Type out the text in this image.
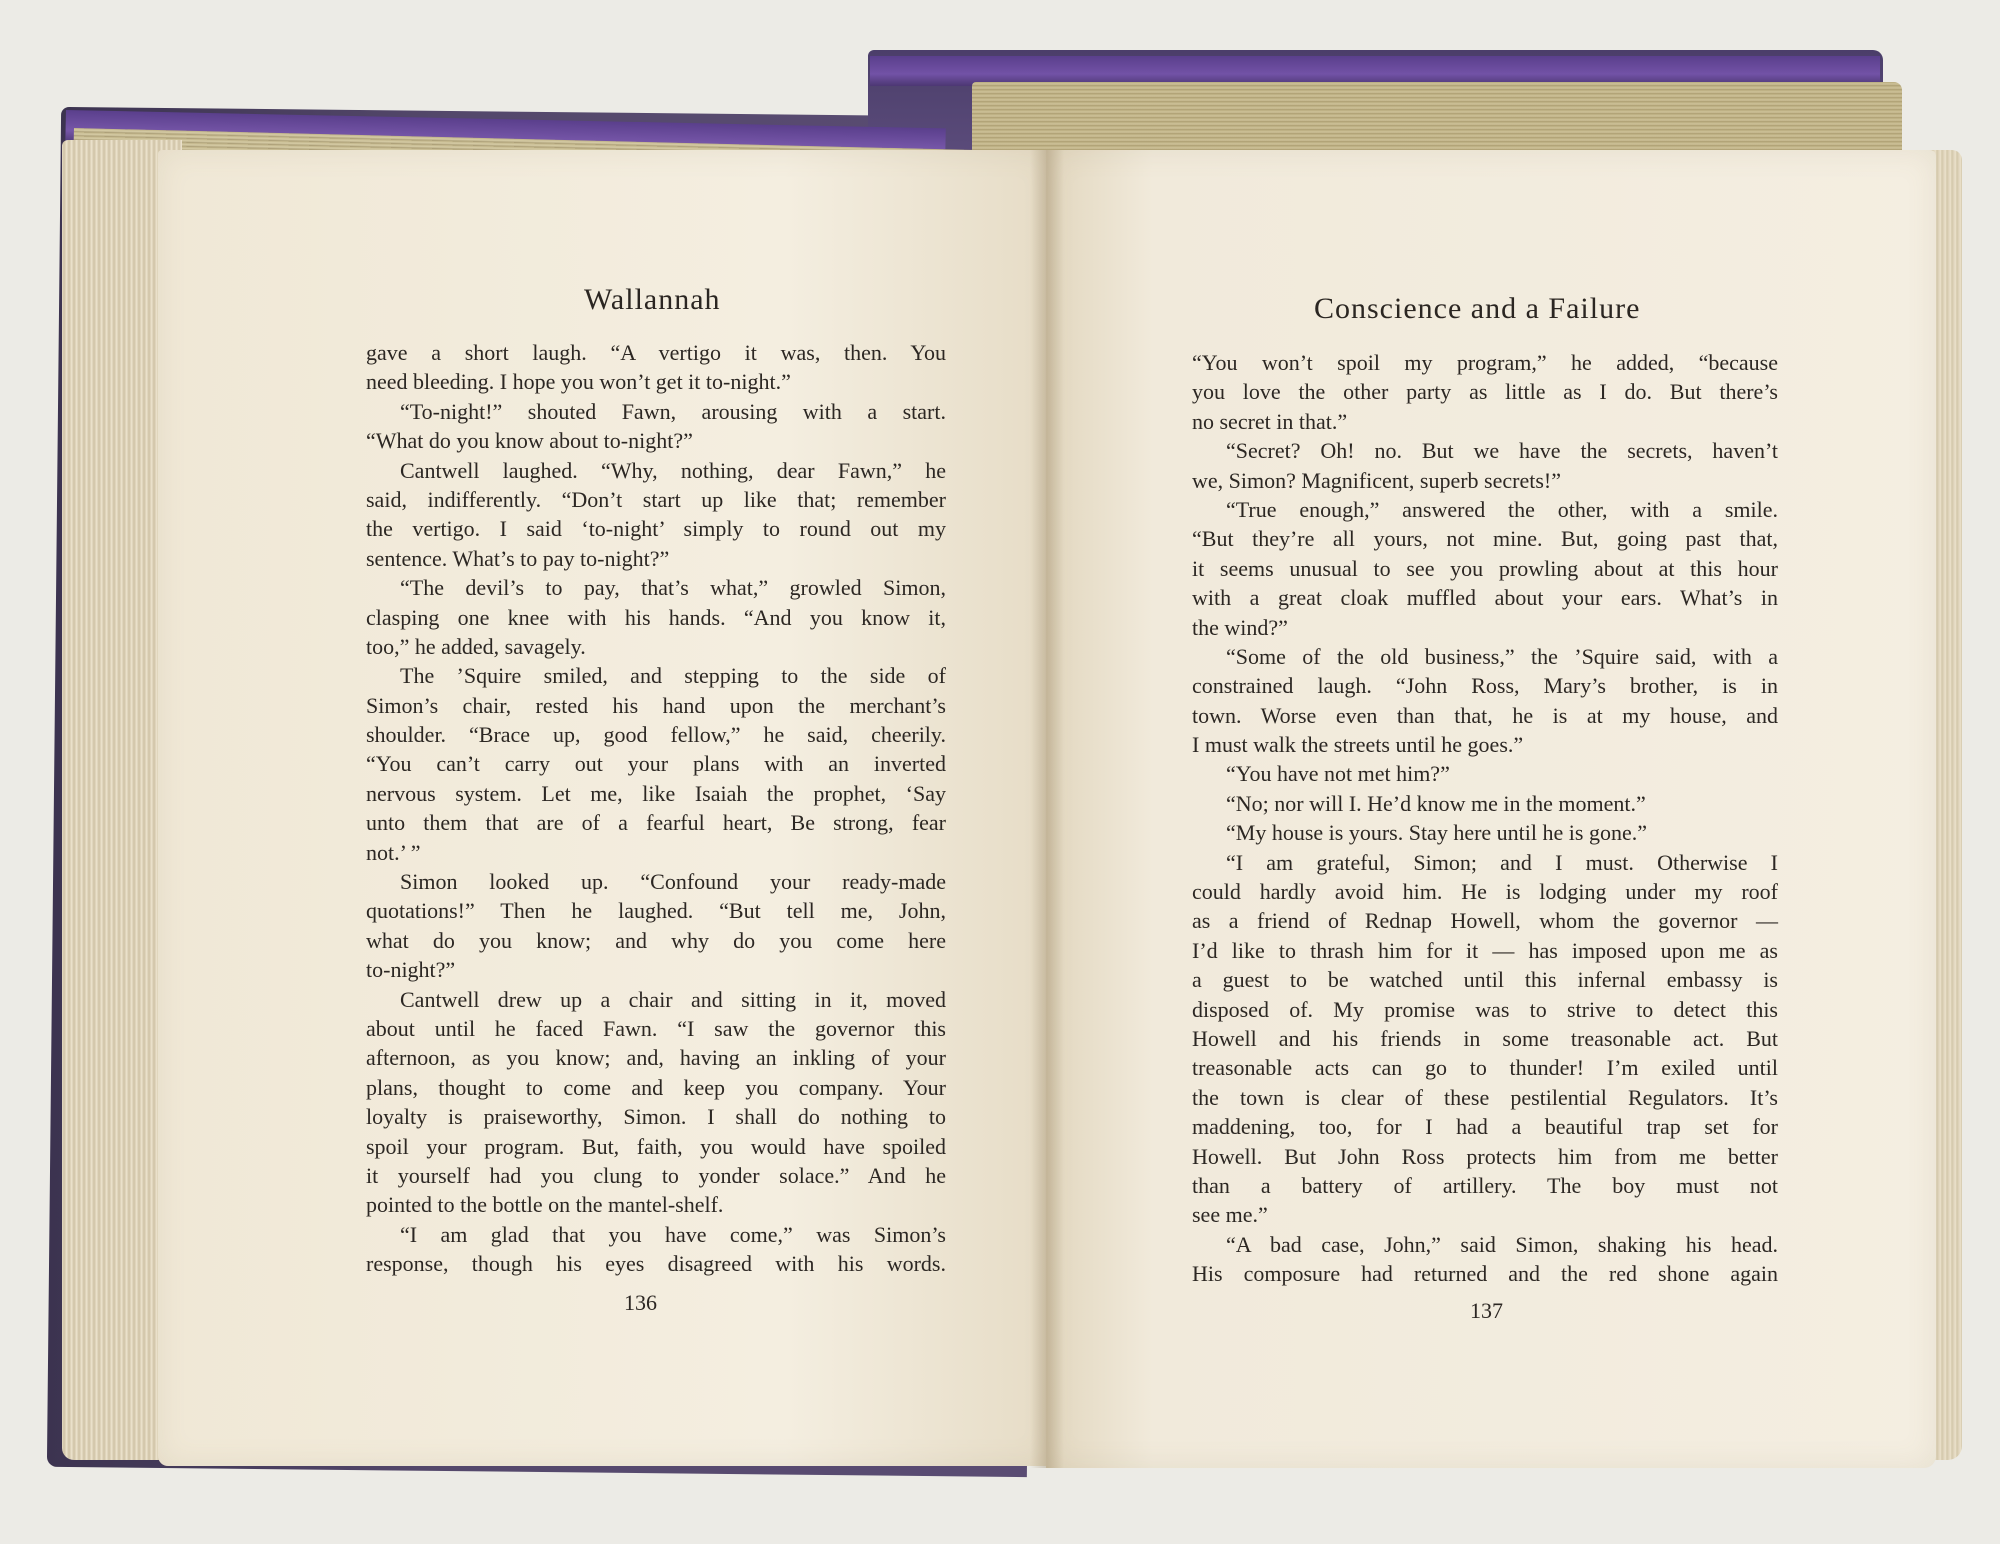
Wallannah
gave a short laugh. “A vertigo it was, then. You
need bleeding. I hope you won’t get it to-night.”
“To-night!” shouted Fawn, arousing with a start.
“What do you know about to-night?”
Cantwell laughed. “Why, nothing, dear Fawn,” he
said, indifferently. “Don’t start up like that; remember
the vertigo. I said ‘to-night’ simply to round out my
sentence. What’s to pay to-night?”
“The devil’s to pay, that’s what,” growled Simon,
clasping one knee with his hands. “And you know it,
too,” he added, savagely.
The ’Squire smiled, and stepping to the side of
Simon’s chair, rested his hand upon the merchant’s
shoulder. “Brace up, good fellow,” he said, cheerily.
“You can’t carry out your plans with an inverted
nervous system. Let me, like Isaiah the prophet, ‘Say
unto them that are of a fearful heart, Be strong, fear
not.’ ”
Simon looked up. “Confound your ready-made
quotations!” Then he laughed. “But tell me, John,
what do you know; and why do you come here
to-night?”
Cantwell drew up a chair and sitting in it, moved
about until he faced Fawn. “I saw the governor this
afternoon, as you know; and, having an inkling of your
plans, thought to come and keep you company. Your
loyalty is praiseworthy, Simon. I shall do nothing to
spoil your program. But, faith, you would have spoiled
it yourself had you clung to yonder solace.” And he
pointed to the bottle on the mantel-shelf.
“I am glad that you have come,” was Simon’s
response, though his eyes disagreed with his words.
136
Conscience and a Failure
“You won’t spoil my program,” he added, “because
you love the other party as little as I do. But there’s
no secret in that.”
“Secret? Oh! no. But we have the secrets, haven’t
we, Simon? Magnificent, superb secrets!”
“True enough,” answered the other, with a smile.
“But they’re all yours, not mine. But, going past that,
it seems unusual to see you prowling about at this hour
with a great cloak muffled about your ears. What’s in
the wind?”
“Some of the old business,” the ’Squire said, with a
constrained laugh. “John Ross, Mary’s brother, is in
town. Worse even than that, he is at my house, and
I must walk the streets until he goes.”
“You have not met him?”
“No; nor will I. He’d know me in the moment.”
“My house is yours. Stay here until he is gone.”
“I am grateful, Simon; and I must. Otherwise I
could hardly avoid him. He is lodging under my roof
as a friend of Rednap Howell, whom the governor —
I’d like to thrash him for it — has imposed upon me as
a guest to be watched until this infernal embassy is
disposed of. My promise was to strive to detect this
Howell and his friends in some treasonable act. But
treasonable acts can go to thunder! I’m exiled until
the town is clear of these pestilential Regulators. It’s
maddening, too, for I had a beautiful trap set for
Howell. But John Ross protects him from me better
than a battery of artillery. The boy must not
see me.”
“A bad case, John,” said Simon, shaking his head.
His composure had returned and the red shone again
137
